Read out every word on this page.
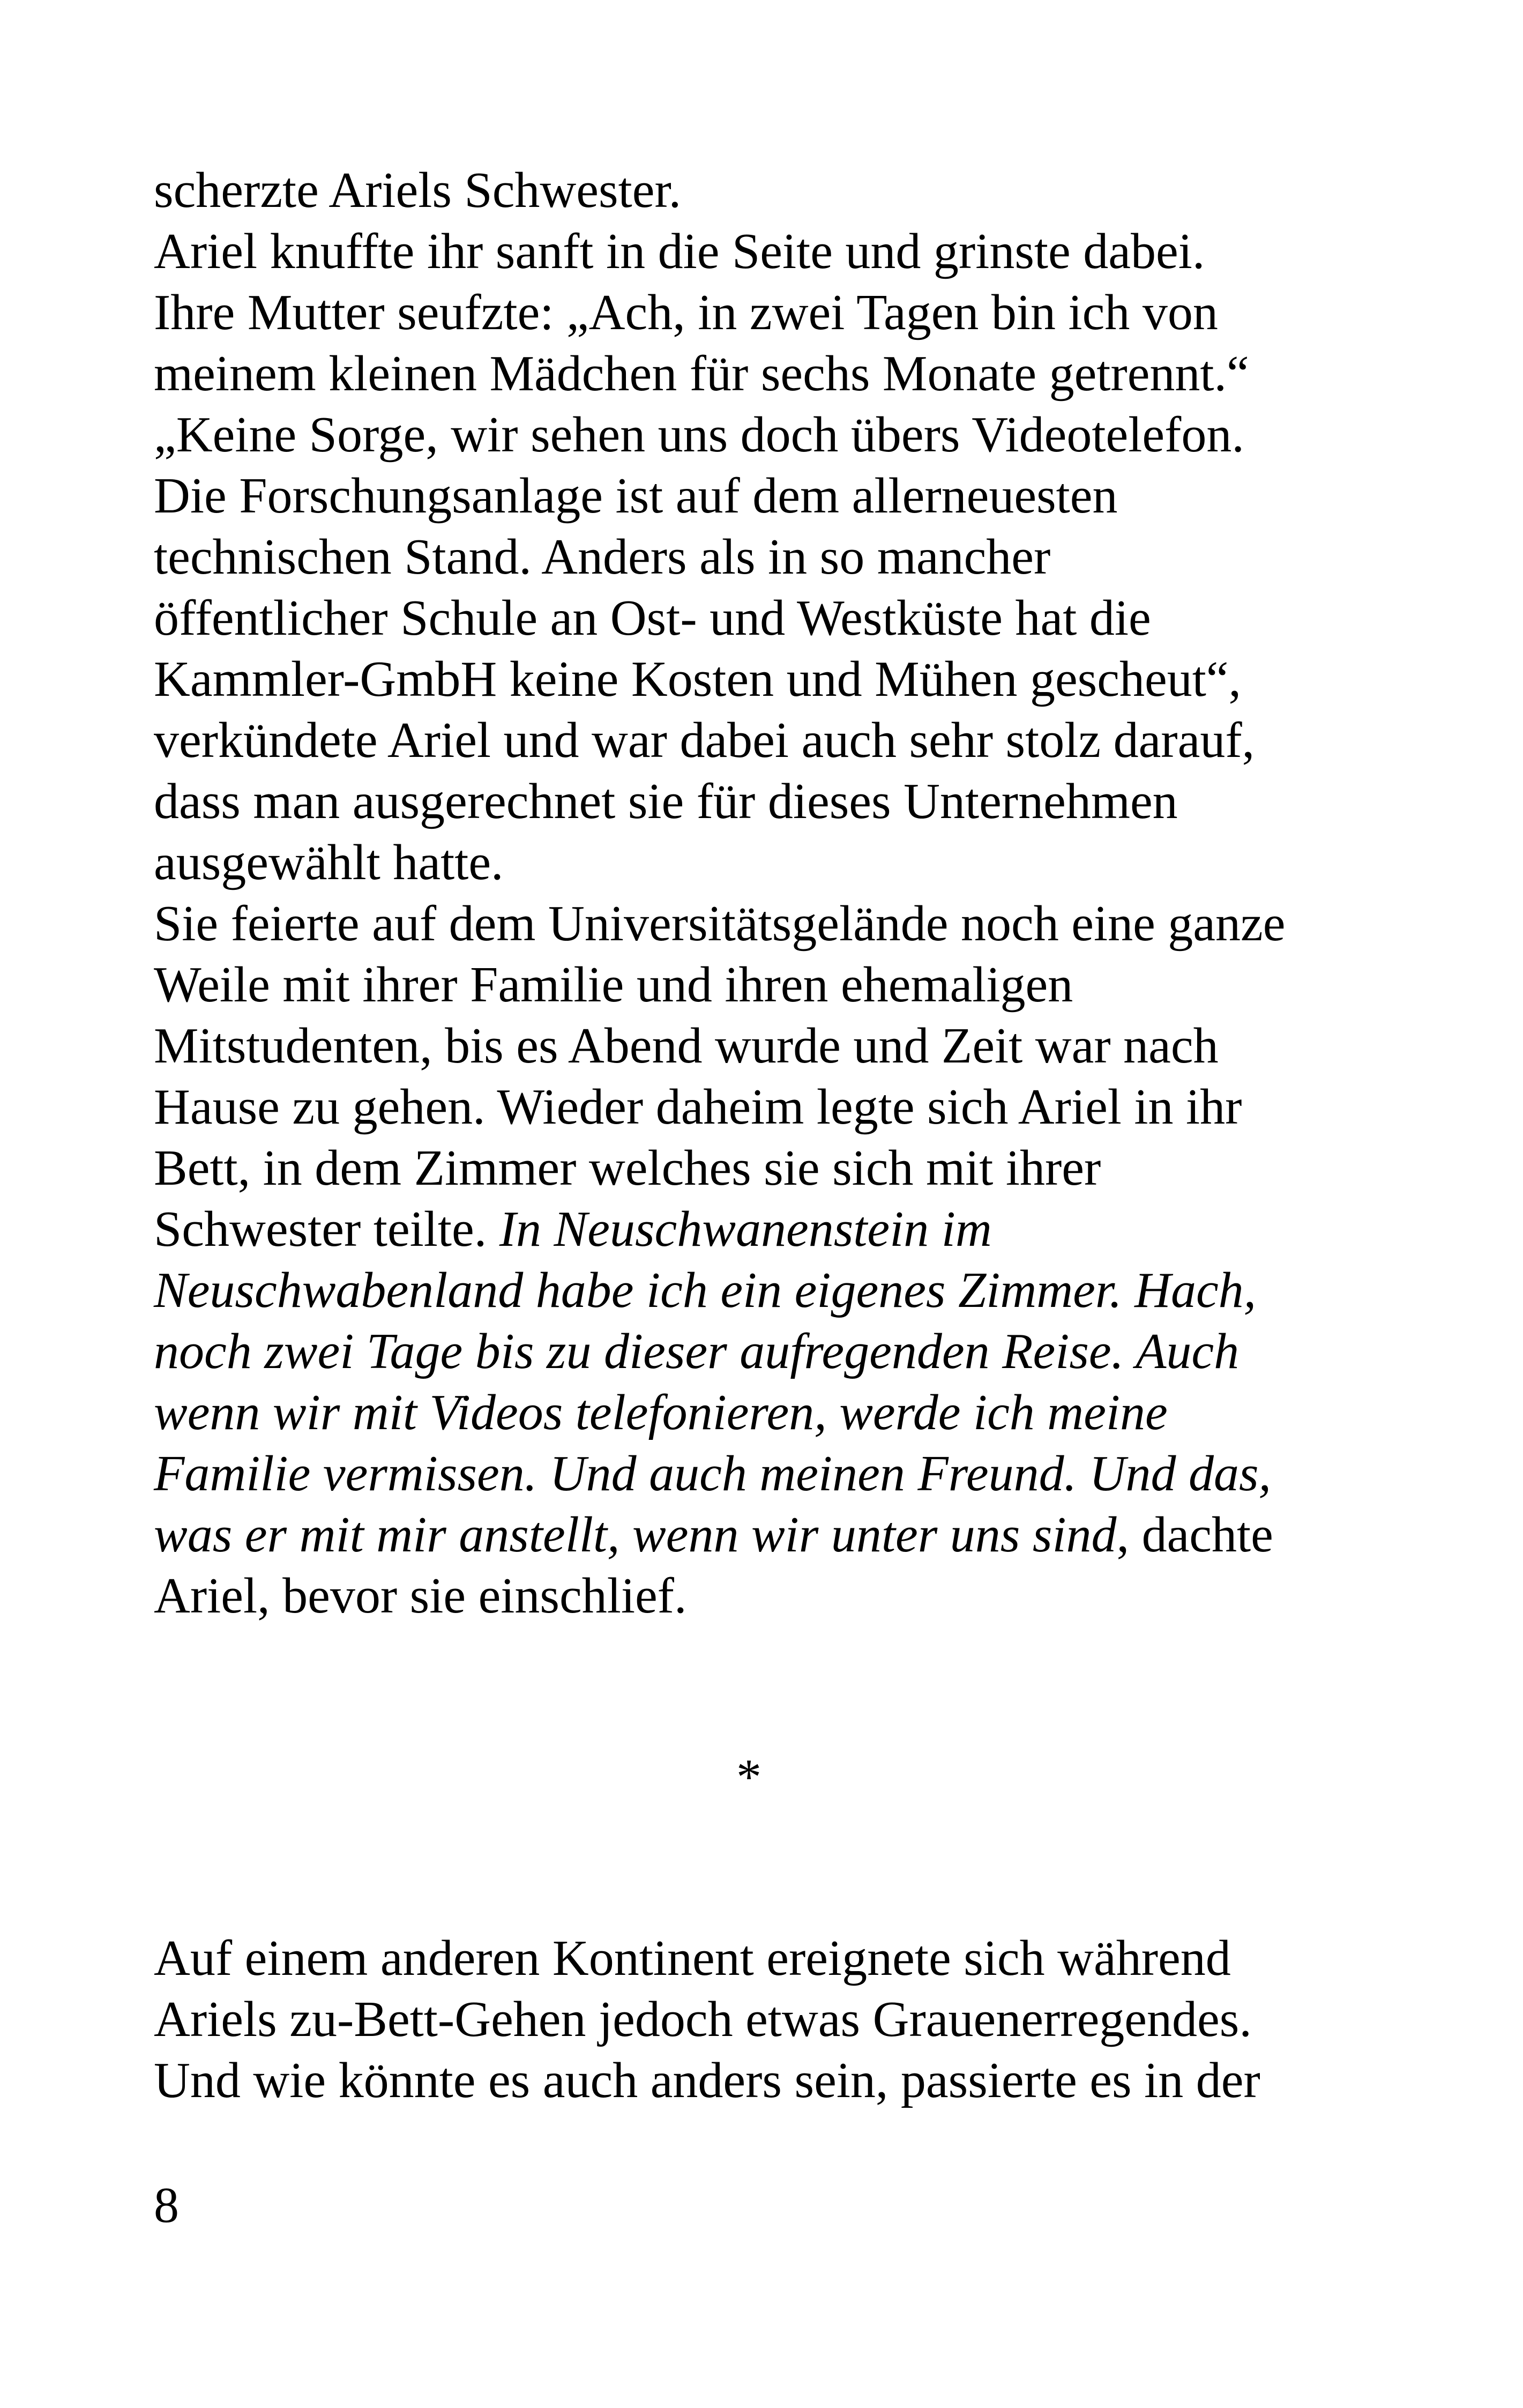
scherzte Ariels Schwester.
Ariel knuffte ihr sanft in die Seite und grinste dabei.
Ihre Mutter seufzte: „Ach, in zwei Tagen bin ich von
meinem kleinen Mädchen für sechs Monate getrennt.“
„Keine Sorge, wir sehen uns doch übers Videotelefon.
Die Forschungsanlage ist auf dem allerneuesten
technischen Stand. Anders als in so mancher
öffentlicher Schule an Ost- und Westküste hat die
Kammler-GmbH keine Kosten und Mühen gescheut“,
verkündete Ariel und war dabei auch sehr stolz darauf,
dass man ausgerechnet sie für dieses Unternehmen
ausgewählt hatte.
Sie feierte auf dem Universitätsgelände noch eine ganze
Weile mit ihrer Familie und ihren ehemaligen
Mitstudenten, bis es Abend wurde und Zeit war nach
Hause zu gehen. Wieder daheim legte sich Ariel in ihr
Bett, in dem Zimmer welches sie sich mit ihrer
Schwester teilte. In Neuschwanenstein im
Neuschwabenland habe ich ein eigenes Zimmer. Hach,
noch zwei Tage bis zu dieser aufregenden Reise. Auch
wenn wir mit Videos telefonieren, werde ich meine
Familie vermissen. Und auch meinen Freund. Und das,
was er mit mir anstellt, wenn wir unter uns sind, dachte
Ariel, bevor sie einschlief.
*
Auf einem anderen Kontinent ereignete sich während
Ariels zu-Bett-Gehen jedoch etwas Grauenerregendes.
Und wie könnte es auch anders sein, passierte es in der
8
